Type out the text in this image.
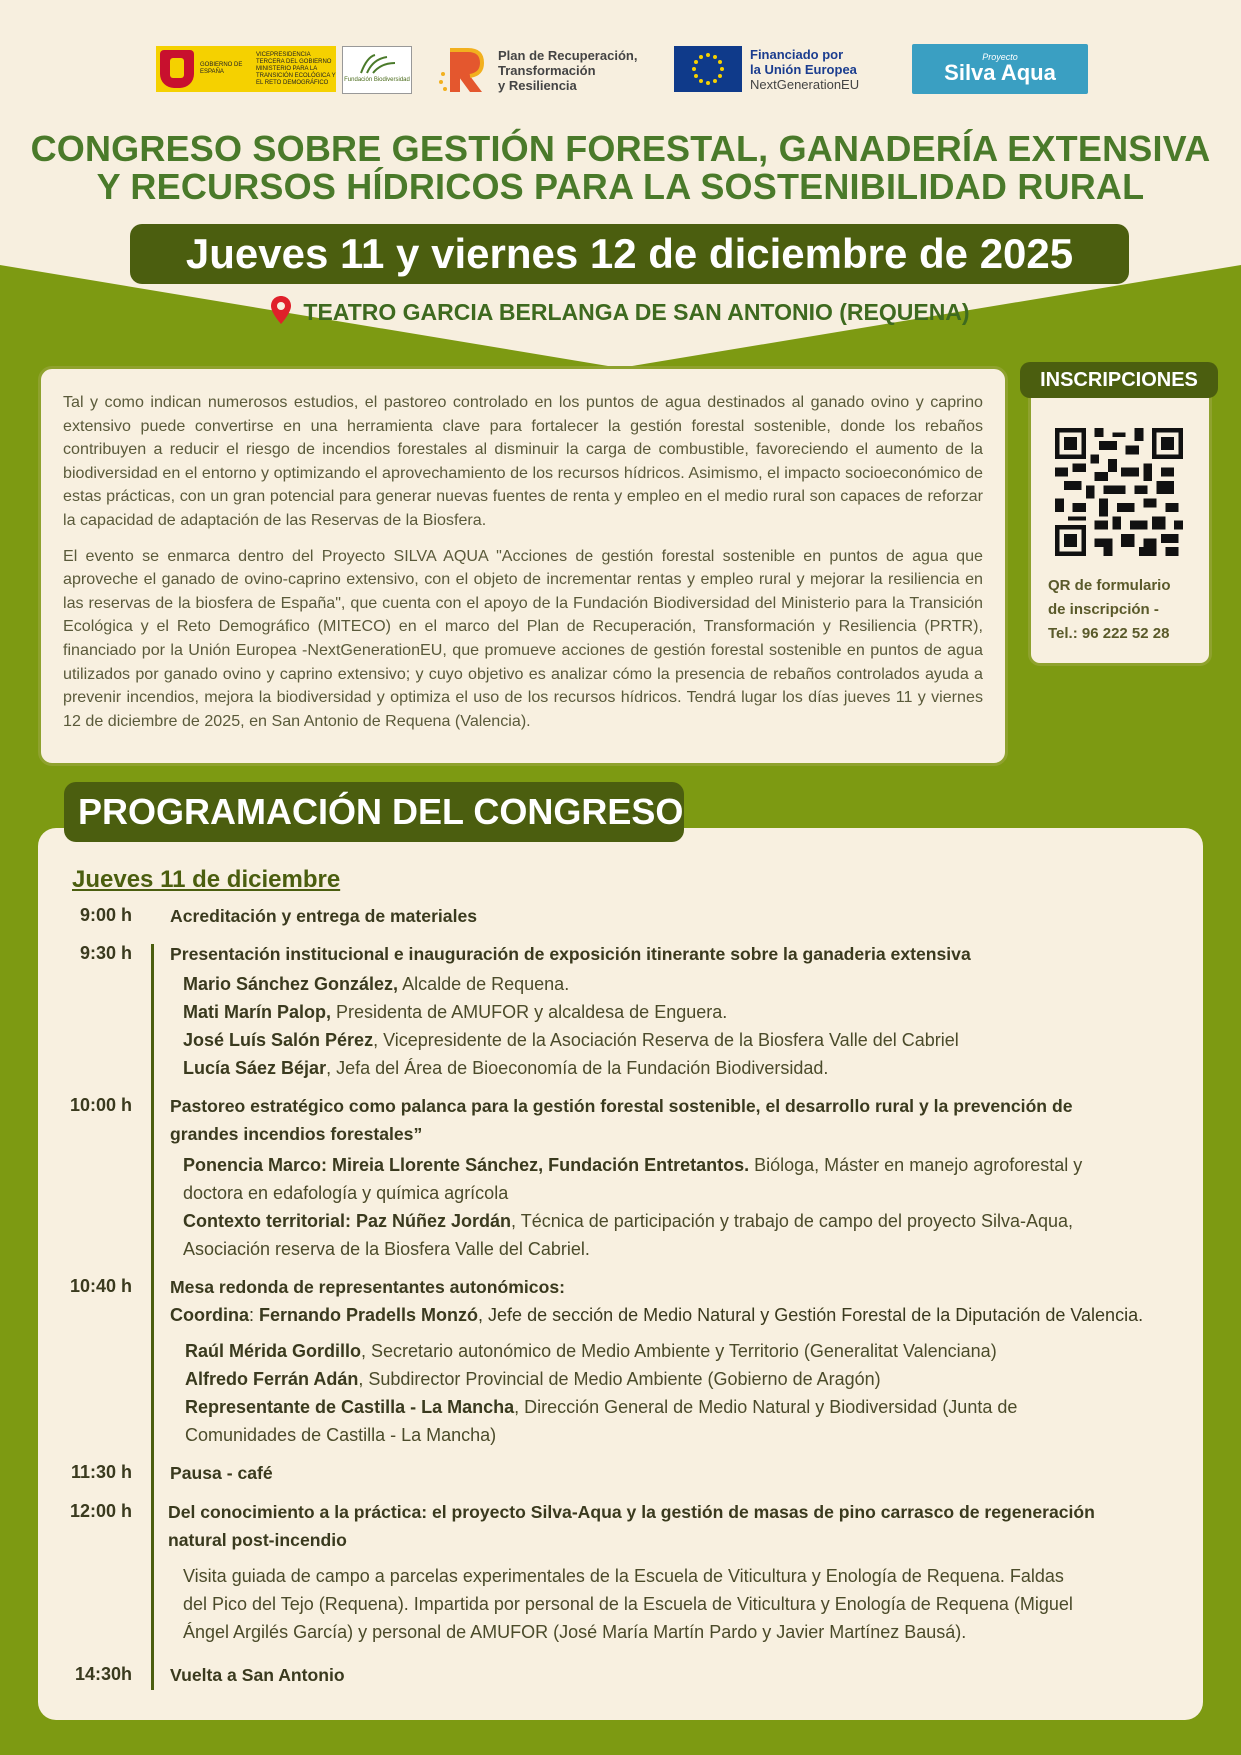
GOBIERNO DE ESPAÑA
VICEPRESIDENCIA TERCERA DEL GOBIERNO
MINISTERIO PARA LA TRANSICIÓN ECOLÓGICA Y EL RETO DEMOGRÁFICO	Fundación Biodiversidad
Plan de Recuperación,
Transformación
y Resiliencia
Financiado por
la Unión Europea
NextGenerationEU
Proyecto
Silva Aqua
CONGRESO SOBRE GESTIÓN FORESTAL, GANADERÍA EXTENSIVA
Y RECURSOS HÍDRICOS PARA LA SOSTENIBILIDAD RURAL
Jueves 11 y viernes 12 de diciembre de 2025
TEATRO GARCIA BERLANGA DE SAN ANTONIO (REQUENA)

Tal y como indican numerosos estudios, el pastoreo controlado en los puntos de agua destinados al ganado ovino y caprino extensivo puede convertirse en una herramienta clave para fortalecer la gestión forestal sostenible, donde los rebaños contribuyen a reducir el riesgo de incendios forestales al disminuir la carga de combustible, favoreciendo el aumento de la biodiversidad en el entorno y optimizando el aprovechamiento de los recursos hídricos. Asimismo, el impacto socioeconómico de estas prácticas, con un gran potencial para generar nuevas fuentes de renta y empleo en el medio rural son capaces de reforzar la capacidad de adaptación de las Reservas de la Biosfera.

El evento se enmarca dentro del Proyecto SILVA AQUA "Acciones de gestión forestal sostenible en puntos de agua que aproveche el ganado de ovino-caprino extensivo, con el objeto de incrementar rentas y empleo rural y mejorar la resiliencia en las reservas de la biosfera de España", que cuenta con el apoyo de la Fundación Biodiversidad del Ministerio para la Transición Ecológica y el Reto Demográfico (MITECO) en el marco del Plan de Recuperación, Transformación y Resiliencia (PRTR), financiado por la Unión Europea -NextGenerationEU, que promueve acciones de gestión forestal sostenible en puntos de agua utilizados por ganado ovino y caprino extensivo; y cuyo objetivo es analizar cómo la presencia de rebaños controlados ayuda a prevenir incendios, mejora la biodiversidad y optimiza el uso de los recursos hídricos. Tendrá lugar los días jueves 11 y viernes 12 de diciembre de 2025, en San Antonio de Requena (Valencia).

INSCRIPCIONES
QR de formulario
de inscripción -
Tel.: 96 222 52 28
PROGRAMACIÓN DEL CONGRESO
Jueves 11 de diciembre
9:00 h Acreditación y entrega de materiales
9:30 h Presentación institucional e inauguración de exposición itinerante sobre la ganaderia extensiva
Mario Sánchez González, Alcalde de Requena.
Mati Marín Palop, Presidenta de AMUFOR y alcaldesa de Enguera.
José Luís Salón Pérez, Vicepresidente de la Asociación Reserva de la Biosfera Valle del Cabriel
Lucía Sáez Béjar, Jefa del Área de Bioeconomía de la Fundación Biodiversidad.
10:00 h Pastoreo estratégico como palanca para la gestión forestal sostenible, el desarrollo rural y la prevención de
grandes incendios forestales”
Ponencia Marco: Mireia Llorente Sánchez, Fundación Entretantos. Bióloga, Máster en manejo agroforestal y
doctora en edafología y química agrícola
Contexto territorial: Paz Núñez Jordán, Técnica de participación y trabajo de campo del proyecto Silva-Aqua,
Asociación reserva de la Biosfera Valle del Cabriel.
10:40 h Mesa redonda de representantes autonómicos:
Coordina: Fernando Pradells Monzó, Jefe de sección de Medio Natural y Gestión Forestal de la Diputación de Valencia.
Raúl Mérida Gordillo, Secretario autonómico de Medio Ambiente y Territorio (Generalitat Valenciana)
Alfredo Ferrán Adán, Subdirector Provincial de Medio Ambiente (Gobierno de Aragón)
Representante de Castilla - La Mancha, Dirección General de Medio Natural y Biodiversidad (Junta de
Comunidades de Castilla - La Mancha)
11:30 h Pausa - café
12:00 h Del conocimiento a la práctica: el proyecto Silva-Aqua y la gestión de masas de pino carrasco de regeneración
natural post-incendio
Visita guiada de campo a parcelas experimentales de la Escuela de Viticultura y Enología de Requena. Faldas
del Pico del Tejo (Requena). Impartida por personal de la Escuela de Viticultura y Enología de Requena (Miguel
Ángel Argilés García) y personal de AMUFOR (José María Martín Pardo y Javier Martínez Bausá).
14:30h Vuelta a San Antonio
